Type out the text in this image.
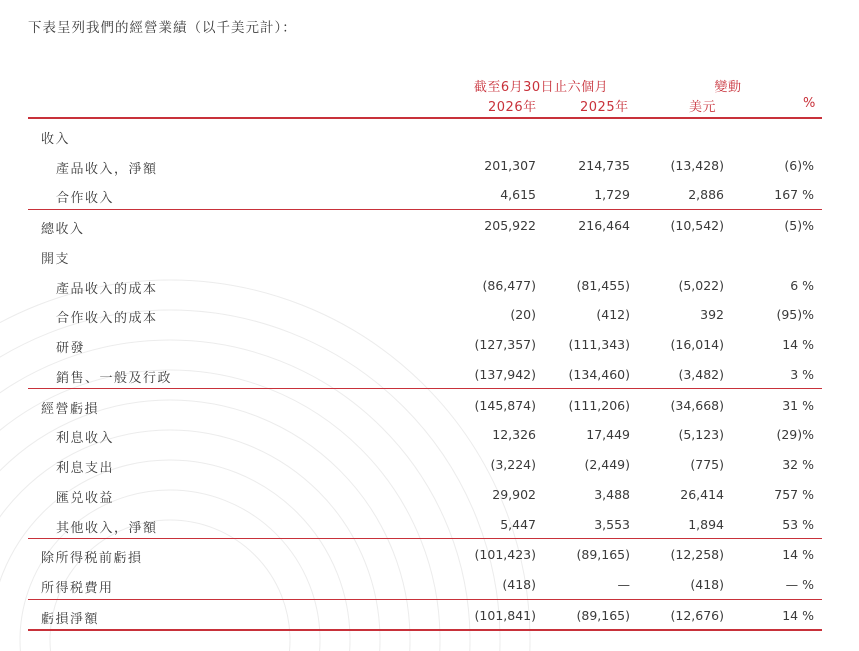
下表呈列我們的經營業績（以千美元計）：
截至6月30日止六個月	變動
2026年	2025年	美元	%
收入
產品收入，淨額	201,307	214,735	(13,428)	(6)%
合作收入	4,615	1,729	2,886	167 %
總收入	205,922	216,464	(10,542)	(5)%
開支
產品收入的成本	(86,477)	(81,455)	(5,022)	6 %
合作收入的成本	(20)	(412)	392	(95)%
研發	(127,357)	(111,343)	(16,014)	14 %
銷售、一般及行政	(137,942)	(134,460)	(3,482)	3 %
經營虧損	(145,874)	(111,206)	(34,668)	31 %
利息收入	12,326	17,449	(5,123)	(29)%
利息支出	(3,224)	(2,449)	(775)	32 %
匯兑收益	29,902	3,488	26,414	757 %
其他收入，淨額	5,447	3,553	1,894	53 %
除所得税前虧損	(101,423)	(89,165)	(12,258)	14 %
所得税費用	(418)	—	(418)	— %
虧損淨額	(101,841)	(89,165)	(12,676)	14 %
